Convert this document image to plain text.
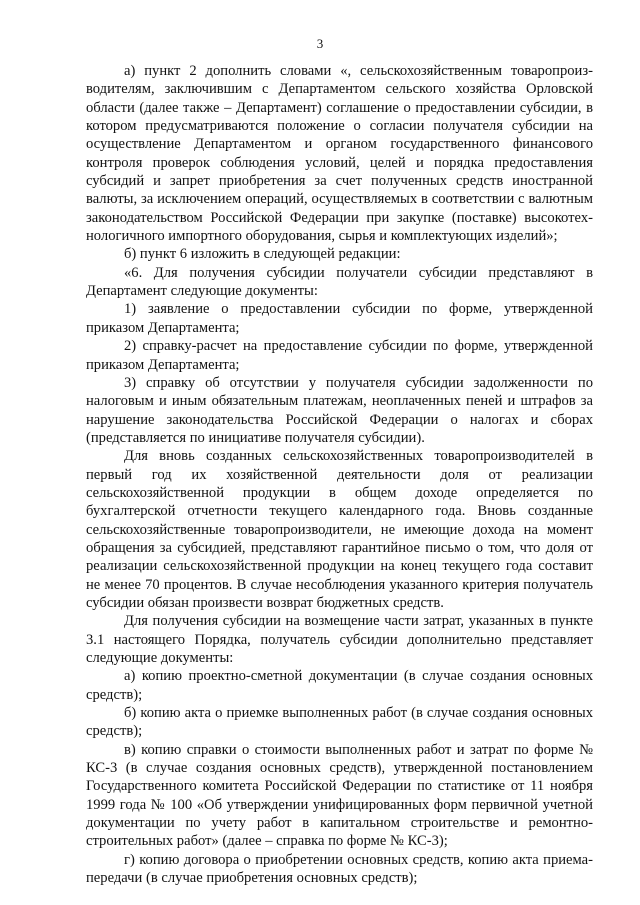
3

а) пункт 2 дополнить словами «, сельскохозяйственным товаропроизводителям, заключившим с Департаментом сельского хозяйства Орловской области (далее также – Департамент) соглашение о предоставлении субсидии, в котором предусматриваются положение о согласии получателя субсидии на осуществление Департаментом и органом государственного финансового контроля проверок соблюдения условий, целей и порядка предоставления субсидий и запрет приобретения за счет полученных средств иностранной валюты, за исключением операций, осуществляемых в соответствии с валютным законодательством Российской Федерации при закупке (поставке) высокотехнологичного импортного оборудования, сырья и комплектующих изделий»;

б) пункт 6 изложить в следующей редакции:

«6. Для получения субсидии получатели субсидии представляют в Департамент следующие документы:

1) заявление о предоставлении субсидии по форме, утвержденной приказом Департамента;

2) справку-расчет на предоставление субсидии по форме, утвержденной приказом Департамента;

3) справку об отсутствии у получателя субсидии задолженности по налоговым и иным обязательным платежам, неоплаченных пеней и штрафов за нарушение законодательства Российской Федерации о налогах и сборах (представляется по инициативе получателя субсидии).

Для вновь созданных сельскохозяйственных товаропроизводителей в первый год их хозяйственной деятельности доля от реализации сельскохозяйственной продукции в общем доходе определяется по бухгалтерской отчетности текущего календарного года. Вновь созданные сельскохозяйственные товаропроизводители, не имеющие дохода на момент обращения за субсидией, представляют гарантийное письмо о том, что доля от реализации сельскохозяйственной продукции на конец текущего года составит не менее 70 процентов. В случае несоблюдения указанного критерия получатель субсидии обязан произвести возврат бюджетных средств.

Для получения субсидии на возмещение части затрат, указанных в пункте 3.1 настоящего Порядка, получатель субсидии дополнительно представляет следующие документы:

а) копию проектно-сметной документации (в случае создания основных средств);

б) копию акта о приемке выполненных работ (в случае создания основных средств);

в) копию справки о стоимости выполненных работ и затрат по форме № КС-3 (в случае создания основных средств), утвержденной постановлением Государственного комитета Российской Федерации по статистике от 11 ноября 1999 года № 100 «Об утверждении унифицированных форм первичной учетной документации по учету работ в капитальном строительстве и ремонтно-строительных работ» (далее – справка по форме № КС-3);

г) копию договора о приобретении основных средств, копию акта приема-передачи (в случае приобретения основных средств);
